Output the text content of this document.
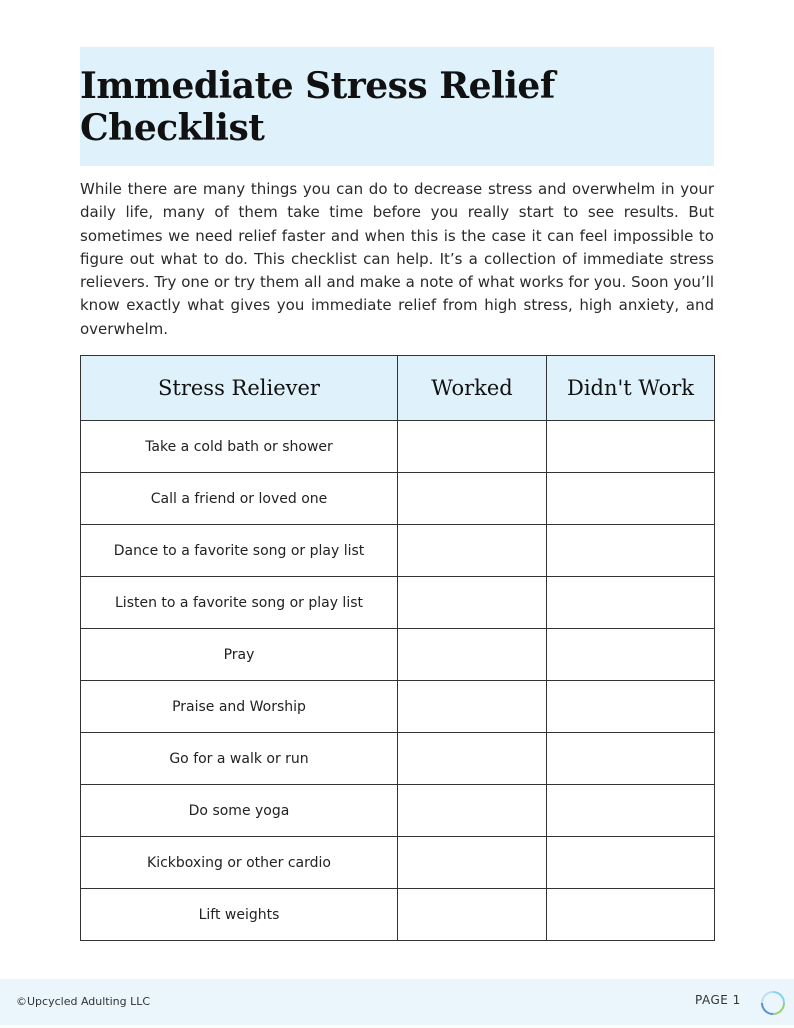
Immediate Stress Relief Checklist

While there are many things you can do to decrease stress and overwhelm in your daily life, many of them take time before you really start to see results. But sometimes we need relief faster and when this is the case it can feel impossible to figure out what to do. This checklist can help. It’s a collection of immediate stress relievers. Try one or try them all and make a note of what works for you. Soon you’ll know exactly what gives you immediate relief from high stress, high anxiety, and overwhelm.

Stress Reliever	Worked	Didn't Work
Take a cold bath or shower		
Call a friend or loved one		
Dance to a favorite song or play list		
Listen to a favorite song or play list		
Pray		
Praise and Worship		
Go for a walk or run		
Do some yoga		
Kickboxing or other cardio		
Lift weights		
©Upcycled Adulting LLC	PAGE 1
